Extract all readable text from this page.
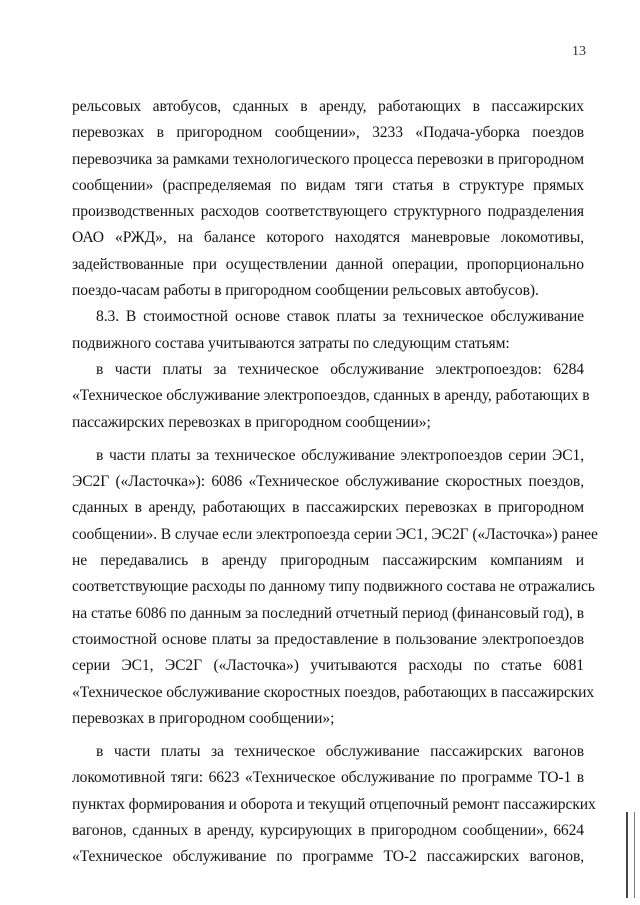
13
рельсовых автобусов, сданных в аренду, работающих в пассажирских
перевозках в пригородном сообщении», 3233 «Подача-уборка поездов
перевозчика за рамками технологического процесса перевозки в пригородном
сообщении» (распределяемая по видам тяги статья в структуре прямых
производственных расходов соответствующего структурного подразделения
ОАО «РЖД», на балансе которого находятся маневровые локомотивы,
задействованные при осуществлении данной операции, пропорционально
поездо-часам работы в пригородном сообщении рельсовых автобусов).
8.3. В стоимостной основе ставок платы за техническое обслуживание
подвижного состава учитываются затраты по следующим статьям:
в части платы за техническое обслуживание электропоездов: 6284
«Техническое обслуживание электропоездов, сданных в аренду, работающих в
пассажирских перевозках в пригородном сообщении»;
в части платы за техническое обслуживание электропоездов серии ЭС1,
ЭС2Г («Ласточка»): 6086 «Техническое обслуживание скоростных поездов,
сданных в аренду, работающих в пассажирских перевозках в пригородном
сообщении». В случае если электропоезда серии ЭС1, ЭС2Г («Ласточка») ранее
не передавались в аренду пригородным пассажирским компаниям и
соответствующие расходы по данному типу подвижного состава не отражались
на статье 6086 по данным за последний отчетный период (финансовый год), в
стоимостной основе платы за предоставление в пользование электропоездов
серии ЭС1, ЭС2Г («Ласточка») учитываются расходы по статье 6081
«Техническое обслуживание скоростных поездов, работающих в пассажирских
перевозках в пригородном сообщении»;
в части платы за техническое обслуживание пассажирских вагонов
локомотивной тяги: 6623 «Техническое обслуживание по программе ТО-1 в
пунктах формирования и оборота и текущий отцепочный ремонт пассажирских
вагонов, сданных в аренду, курсирующих в пригородном сообщении», 6624
«Техническое обслуживание по программе ТО-2 пассажирских вагонов,
